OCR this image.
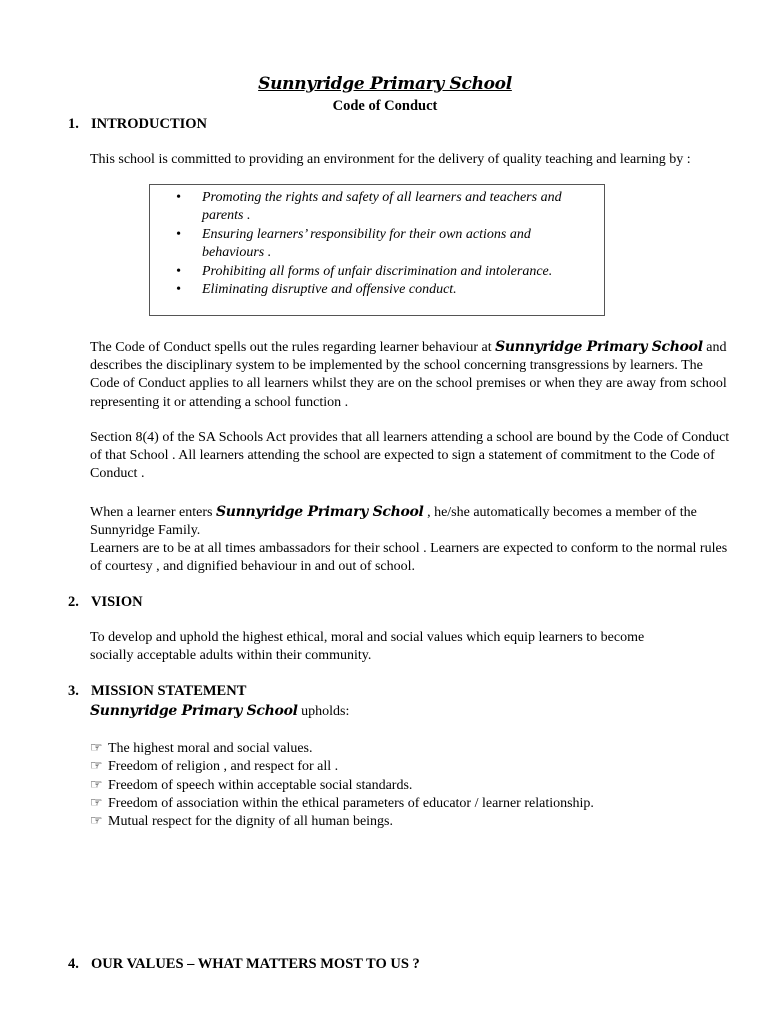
Sunnyridge Primary School
Code of Conduct
1. INTRODUCTION
This school is committed to providing an environment for the delivery of quality teaching and learning by :
• Promoting the rights and safety of all learners and teachers and parents .
• Ensuring learners’ responsibility for their own actions and behaviours .
• Prohibiting all forms of unfair discrimination and intolerance.
• Eliminating disruptive and offensive conduct.
The Code of Conduct spells out the rules regarding learner behaviour at Sunnyridge Primary School and describes the disciplinary system to be implemented by the school concerning transgressions by learners. The Code of Conduct applies to all learners whilst they are on the school premises or when they are away from school representing it or attending a school function .
Section 8(4) of the SA Schools Act provides that all learners attending a school are bound by the Code of Conduct of that School . All learners attending the school are expected to sign a statement of commitment to the Code of Conduct .
When a learner enters Sunnyridge Primary School , he/she automatically becomes a member of the Sunnyridge Family.
Learners are to be at all times ambassadors for their school . Learners are expected to conform to the normal rules of courtesy , and dignified behaviour in and out of school.
2. VISION
To develop and uphold the highest ethical, moral and social values which equip learners to become socially acceptable adults within their community.
3. MISSION STATEMENT
Sunnyridge Primary School upholds:
☞ The highest moral and social values.
☞ Freedom of religion , and respect for all .
☞ Freedom of speech within acceptable social standards.
☞ Freedom of association within the ethical parameters of educator / learner relationship.
☞ Mutual respect for the dignity of all human beings.
4. OUR VALUES – WHAT MATTERS MOST TO US ?
